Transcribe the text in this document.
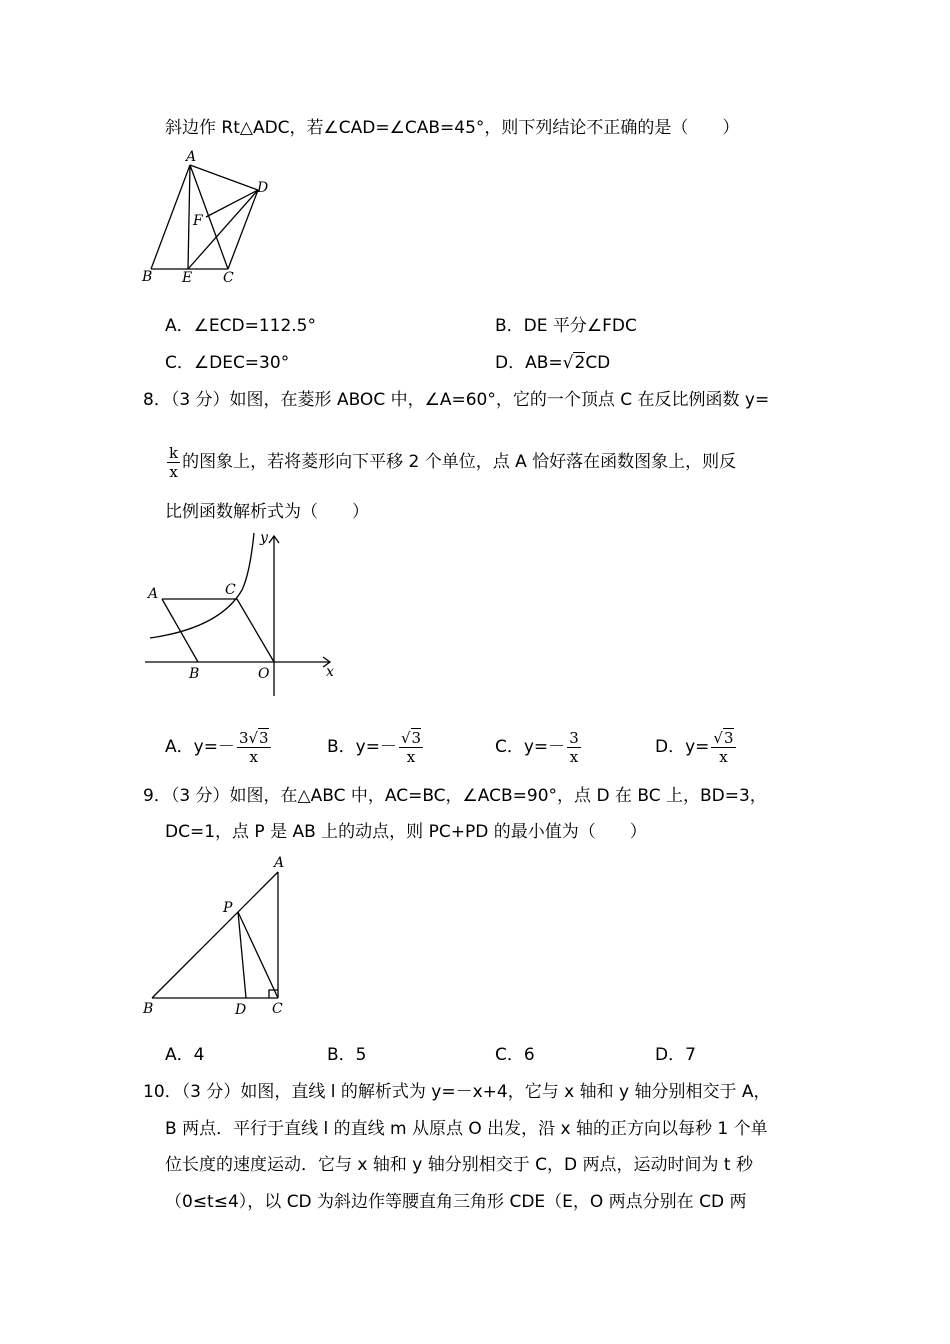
斜边作 Rt△ADC，若∠CAD=∠CAB=45°，则下列结论不正确的是（　　）
A
B	C
D
E
F
A．∠ECD=112.5°	B．DE 平分∠FDC
C．∠DEC=30°	D．AB=√2CD
8．（3 分）如图，在菱形 ABOC 中，∠A=60°，它的一个顶点 C 在反比例函数 y=
$\frac{k}{x}$ 的图象上，若将菱形向下平移 2 个单位，点 A 恰好落在函数图象上，则反
比例函数解析式为（　　）
A
B
C
O	x
y
A．$y=- \frac{3√3}{x}$	B．$y=- \frac{√3}{x}$	C．$y=- \frac{3}{x}$	D．$y= \frac{√3}{x}$
9．（3 分）如图，在△ABC 中，AC=BC，∠ACB=90°，点 D 在 BC 上，BD=3，
DC=1，点 P 是 AB 上的动点，则 PC+PD 的最小值为（　　）
A
B	C
D
P
A．4	B．5	C．6	D．7
10．（3 分）如图，直线 l 的解析式为 y=－x+4，它与 x 轴和 y 轴分别相交于 A，
B 两点．平行于直线 l 的直线 m 从原点 O 出发，沿 x 轴的正方向以每秒 1 个单
位长度的速度运动．它与 x 轴和 y 轴分别相交于 C，D 两点，运动时间为 t 秒
（0≤t≤4），以 CD 为斜边作等腰直角三角形 CDE（E，O 两点分别在 CD 两
